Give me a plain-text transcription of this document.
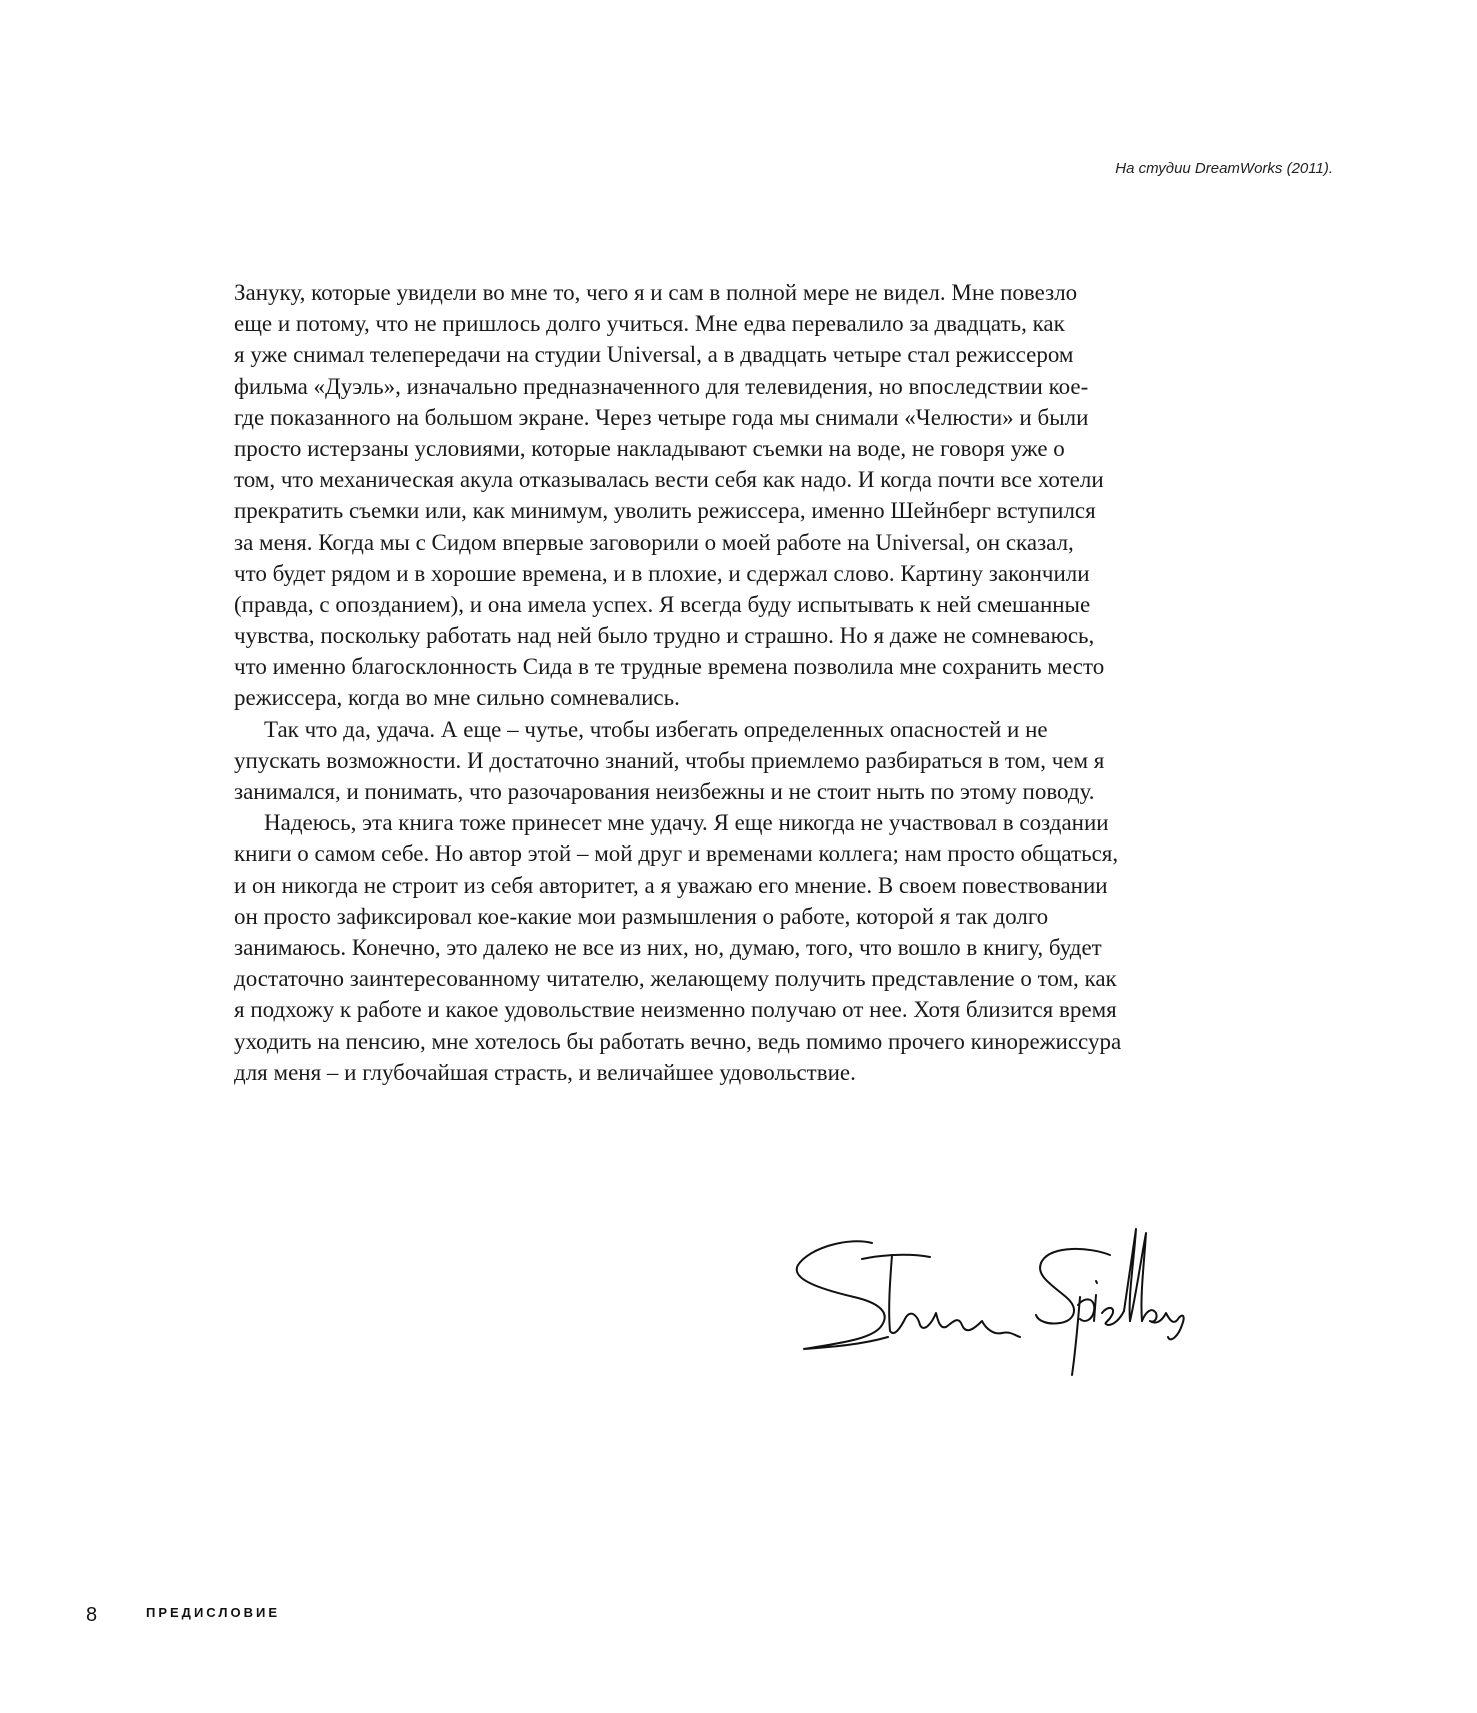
На студии DreamWorks (2011).
Зануку, которые увидели во мне то, чего я и сам в полной мере не видел. Мне повезло
еще и потому, что не пришлось долго учиться. Мне едва перевалило за двадцать, как
я уже снимал телепередачи на студии Universal, а в двадцать четыре стал режиссером
фильма «Дуэль», изначально предназначенного для телевидения, но впоследствии кое-
где показанного на большом экране. Через четыре года мы снимали «Челюсти» и были
просто истерзаны условиями, которые накладывают съемки на воде, не говоря уже о
том, что механическая акула отказывалась вести себя как надо. И когда почти все хотели
прекратить съемки или, как минимум, уволить режиссера, именно Шейнберг вступился
за меня. Когда мы с Сидом впервые заговорили о моей работе на Universal, он сказал,
что будет рядом и в хорошие времена, и в плохие, и сдержал слово. Картину закончили
(правда, с опозданием), и она имела успех. Я всегда буду испытывать к ней смешанные
чувства, поскольку работать над ней было трудно и страшно. Но я даже не сомневаюсь,
что именно благосклонность Сида в те трудные времена позволила мне сохранить место
режиссера, когда во мне сильно сомневались.
Так что да, удача. А еще – чутье, чтобы избегать определенных опасностей и не
упускать возможности. И достаточно знаний, чтобы приемлемо разбираться в том, чем я
занимался, и понимать, что разочарования неизбежны и не стоит ныть по этому поводу.
Надеюсь, эта книга тоже принесет мне удачу. Я еще никогда не участвовал в создании
книги о самом себе. Но автор этой – мой друг и временами коллега; нам просто общаться,
и он никогда не строит из себя авторитет, а я уважаю его мнение. В своем повествовании
он просто зафиксировал кое-какие мои размышления о работе, которой я так долго
занимаюсь. Конечно, это далеко не все из них, но, думаю, того, что вошло в книгу, будет
достаточно заинтересованному читателю, желающему получить представление о том, как
я подхожу к работе и какое удовольствие неизменно получаю от нее. Хотя близится время
уходить на пенсию, мне хотелось бы работать вечно, ведь помимо прочего кинорежиссура
для меня – и глубочайшая страсть, и величайшее удовольствие.
8	ПРЕДИСЛОВИЕ
